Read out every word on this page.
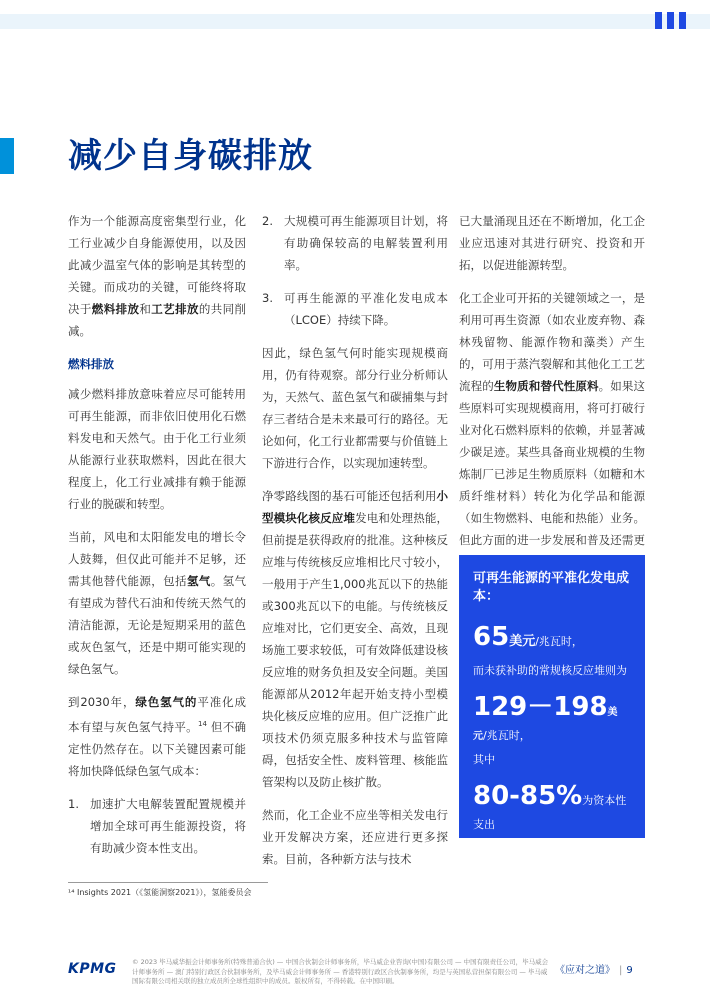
减少自身碳排放

作为一个能源高度密集型行业，化工行业减少自身能源使用，以及因此减少温室气体的影响是其转型的关键。而成功的关键，可能终将取决于燃料排放和工艺排放的共同削减。

燃料排放

减少燃料排放意味着应尽可能转用可再生能源，而非依旧使用化石燃料发电和天然气。由于化工行业须从能源行业获取燃料，因此在很大程度上，化工行业减排有赖于能源行业的脱碳和转型。

当前，风电和太阳能发电的增长令人鼓舞，但仅此可能并不足够，还需其他替代能源，包括氢气。氢气有望成为替代石油和传统天然气的清洁能源，无论是短期采用的蓝色或灰色氢气，还是中期可能实现的绿色氢气。

到2030年，绿色氢气的平准化成本有望与灰色氢气持平。$^{14}$ 但不确定性仍然存在。以下关键因素可能将加快降低绿色氢气成本：

1. 加速扩大电解装置配置规模并增加全球可再生能源投资，将有助减少资本性支出。
2. 大规模可再生能源项目计划，将有助确保较高的电解装置利用率。
3. 可再生能源的平准化发电成本（LCOE）持续下降。

因此，绿色氢气何时能实现规模商用，仍有待观察。部分行业分析师认为，天然气、蓝色氢气和碳捕集与封存三者结合是未来最可行的路径。无论如何，化工行业都需要与价值链上下游进行合作，以实现加速转型。

净零路线图的基石可能还包括利用小型模块化核反应堆发电和处理热能，但前提是获得政府的批准。这种核反应堆与传统核反应堆相比尺寸较小，一般用于产生1,000兆瓦以下的热能或300兆瓦以下的电能。与传统核反应堆对比，它们更安全、高效，且现场施工要求较低，可有效降低建设核反应堆的财务负担及安全问题。美国能源部从2012年起开始支持小型模块化核反应堆的应用。但广泛推广此项技术仍须克服多种技术与监管障碍，包括安全性、废料管理、核能监管架构以及防止核扩散。

然而，化工企业不应坐等相关发电行业开发解决方案，还应进行更多探索。目前，各种新方法与技术

已大量涌现且还在不断增加，化工企业应迅速对其进行研究、投资和开拓，以促进能源转型。

化工企业可开拓的关键领域之一，是利用可再生资源（如农业废弃物、森林残留物、能源作物和藻类）产生的，可用于蒸汽裂解和其他化工工艺流程的生物质和替代性原料。如果这些原料可实现规模商用，将可打破行业对化石燃料原料的依赖，并显著减少碳足迹。某些具备商业规模的生物炼制厂已涉足生物质原料（如糖和木质纤维材料）转化为化学品和能源（如生物燃料、电能和热能）业务。但此方面的进一步发展和普及还需更

可再生能源的平准化发电成本：
65美元/兆瓦时，
而未获补助的常规核反应堆则为
129－198美元/兆瓦时，
其中
80-85%为资本性支出
¹⁴ Insights 2021（《氢能洞察2021》），氢能委员会
KPMG © 2023 毕马威华振会计师事务所(特殊普通合伙) — 中国合伙制会计师事务所，毕马威企业咨询(中国)有限公司 — 中国有限责任公司，毕马威会计师事务所 — 澳门特别行政区合伙制事务所，及毕马威会计师事务所 — 香港特别行政区合伙制事务所，均是与英国私营担保有限公司 — 毕马威国际有限公司相关联的独立成员所全球性组织中的成员。版权所有，不得转载。在中国印刷。
《应对之道》 | 9
